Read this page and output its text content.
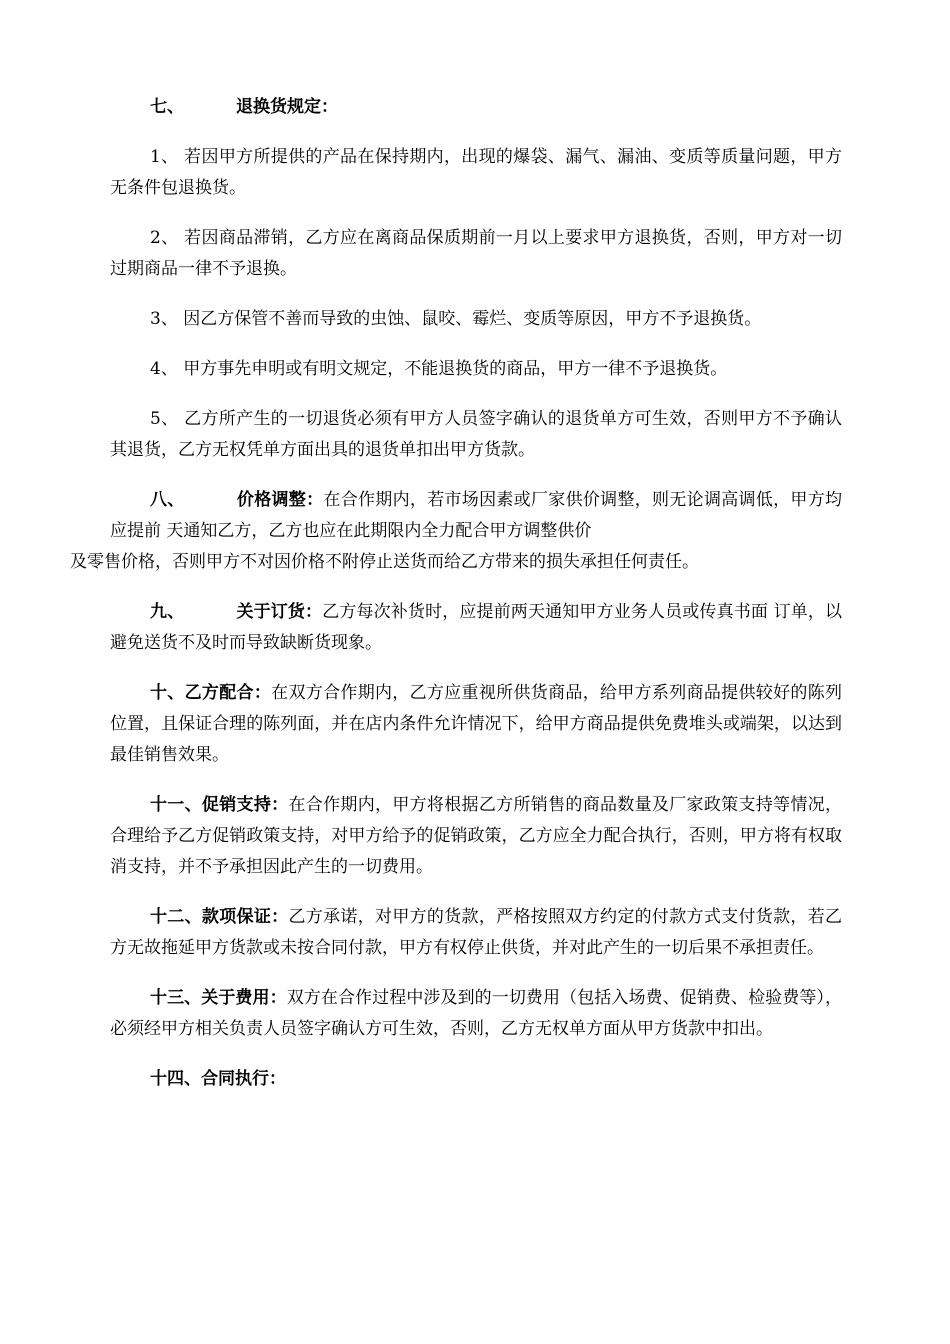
七、	退换货规定：

1、 若因甲方所提供的产品在保持期内，出现的爆袋、漏气、漏油、变质等质量问题，甲方无条件包退换货。

2、 若因商品滞销，乙方应在离商品保质期前一月以上要求甲方退换货，否则，甲方对一切过期商品一律不予退换。

3、 因乙方保管不善而导致的虫蚀、鼠咬、霉烂、变质等原因，甲方不予退换货。

4、 甲方事先申明或有明文规定，不能退换货的商品，甲方一律不予退换货。

5、 乙方所产生的一切退货必须有甲方人员签字确认的退货单方可生效，否则甲方不予确认其退货，乙方无权凭单方面出具的退货单扣出甲方货款。

八、	价格调整：在合作期内，若市场因素或厂家供价调整，则无论调高调低，甲方均应提前 天通知乙方，乙方也应在此期限内全力配合甲方调整供价
及零售价格，否则甲方不对因价格不附停止送货而给乙方带来的损失承担任何责任。

九、	关于订货：乙方每次补货时，应提前两天通知甲方业务人员或传真书面 订单，以避免送货不及时而导致缺断货现象。

十、乙方配合：在双方合作期内，乙方应重视所供货商品，给甲方系列商品提供较好的陈列位置，且保证合理的陈列面，并在店内条件允许情况下，给甲方商品提供免费堆头或端架，以达到最佳销售效果。

十一、促销支持：在合作期内，甲方将根据乙方所销售的商品数量及厂家政策支持等情况，合理给予乙方促销政策支持，对甲方给予的促销政策，乙方应全力配合执行，否则，甲方将有权取消支持，并不予承担因此产生的一切费用。

十二、款项保证：乙方承诺，对甲方的货款，严格按照双方约定的付款方式支付货款，若乙方无故拖延甲方货款或未按合同付款，甲方有权停止供货，并对此产生的一切后果不承担责任。

十三、关于费用：双方在合作过程中涉及到的一切费用（包括入场费、促销费、检验费等），必须经甲方相关负责人员签字确认方可生效，否则，乙方无权单方面从甲方货款中扣出。

十四、合同执行：
